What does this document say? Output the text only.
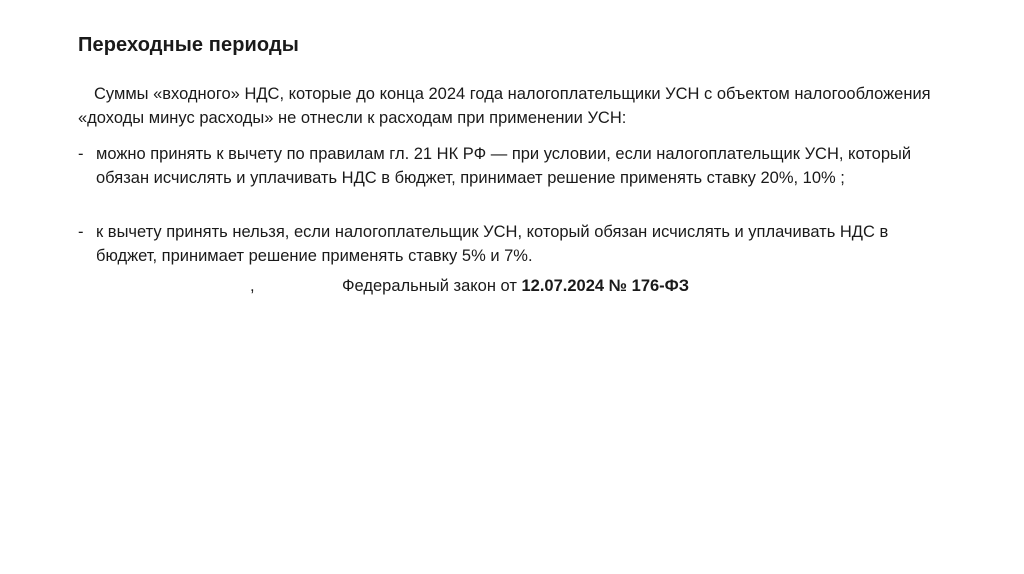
Переходные периоды
Суммы «входного» НДС, которые до конца 2024 года налогоплательщики УСН с объектом налогообложения «доходы минус расходы» не отнесли к расходам при применении УСН:
- можно принять к вычету по правилам гл. 21 НК РФ — при условии, если налогоплательщик УСН, который обязан исчислять и уплачивать НДС в бюджет, принимает решение применять ставку 20%, 10% ;
- к вычету принять нельзя, если налогоплательщик УСН, который обязан исчислять и уплачивать НДС в бюджет, принимает решение применять ставку 5% и 7%.
,	Федеральный закон от 12.07.2024 № 176-ФЗ
